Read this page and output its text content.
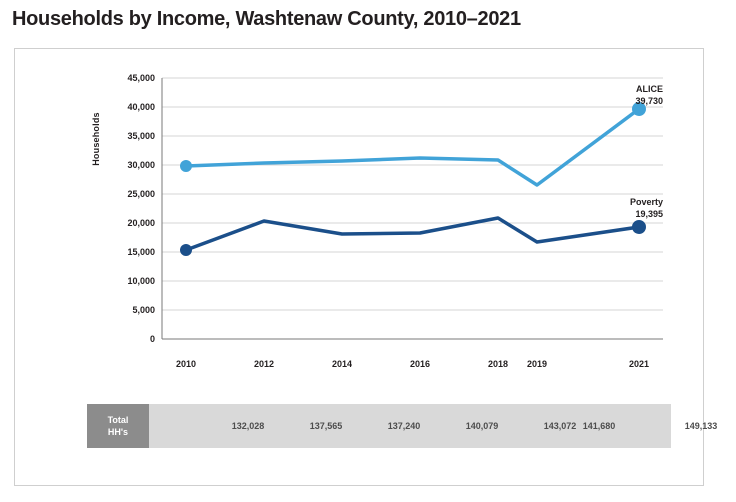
Households by Income, Washtenaw County, 2010–2021
Households
0
5,000
10,000
15,000
20,000
25,000
30,000
35,000
40,000
45,000
2010	2012	2014	2016	2018 2019	2021
ALICE
39,730
Poverty
19,395
Total
HH's
132,028	137,565	137,240	140,079	143,072 141,680	149,133
